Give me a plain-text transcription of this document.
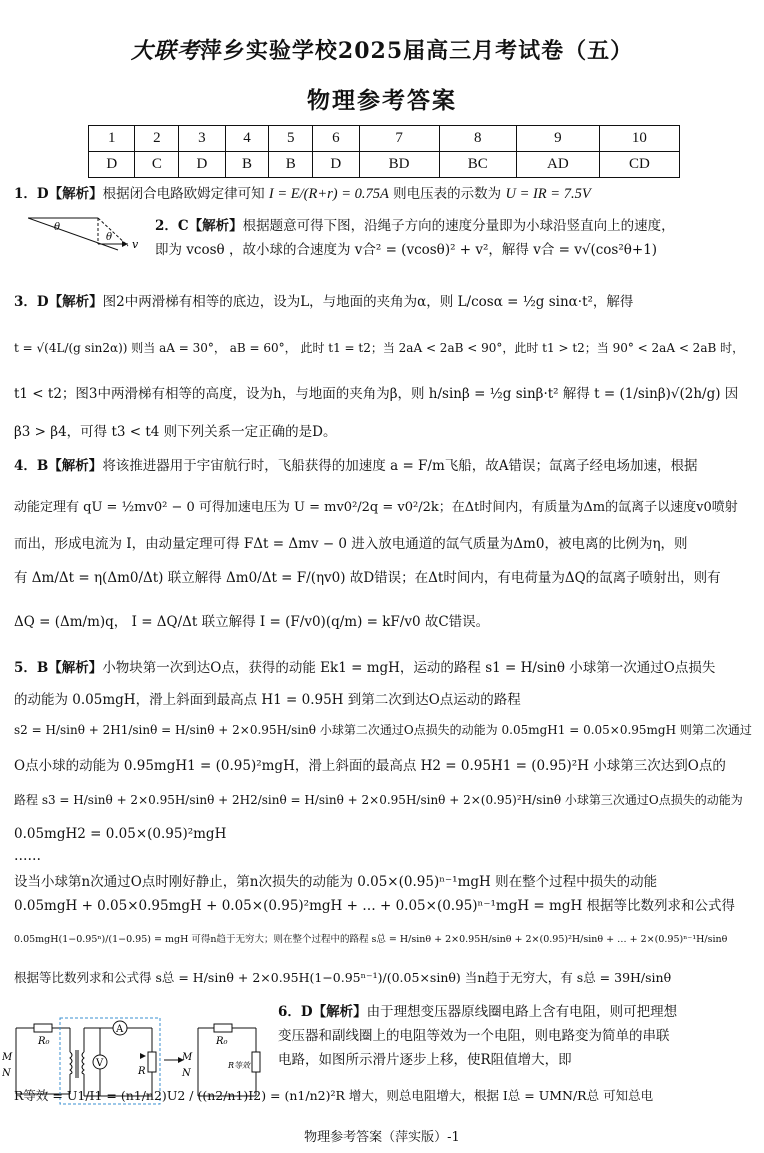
大联考萍乡实验学校2025届高三月考试卷（五）
物理参考答案
1	2	3	4	5	6	7	8	9	10
D	C	D	B	B	D	BD	BC	AD	CD
1．D【解析】根据闭合电路欧姆定律可知 I = E/(R+r) = 0.75A 则电压表的示数为 U = IR = 7.5V
θ
θ
v
2．C【解析】根据题意可得下图，沿绳子方向的速度分量即为小球沿竖直向上的速度，
即为 vcosθ ，故小球的合速度为 v合² = (vcosθ)² + v²，解得 v合 = v√(cos²θ+1)
3．D【解析】图2中两滑梯有相等的底边，设为L，与地面的夹角为α，则 L/cosα = ½g sinα·t²，解得
t = √(4L/(g sin2α)) 则当 aA = 30°， aB = 60°， 此时 t1 = t2；当 2aA < 2aB < 90°，此时 t1 > t2；当 90° < 2aA < 2aB 时，
t1 < t2；图3中两滑梯有相等的高度，设为h，与地面的夹角为β，则 h/sinβ = ½g sinβ·t² 解得 t = (1/sinβ)√(2h/g) 因
β3 > β4，可得 t3 < t4 则下列关系一定正确的是D。
4．B【解析】将该推进器用于宇宙航行时，飞船获得的加速度 a = F/m飞船，故A错误；氙离子经电场加速，根据
动能定理有 qU = ½mv0² − 0 可得加速电压为 U = mv0²/2q = v0²/2k；在Δt时间内，有质量为Δm的氙离子以速度v0喷射
而出，形成电流为 I，由动量定理可得 FΔt = Δmv − 0 进入放电通道的氙气质量为Δm0，被电离的比例为η，则
有 Δm/Δt = η(Δm0/Δt) 联立解得 Δm0/Δt = F/(ηv0) 故D错误；在Δt时间内，有电荷量为ΔQ的氙离子喷射出，则有
ΔQ = (Δm/m)q， I = ΔQ/Δt 联立解得 I = (F/v0)(q/m) = kF/v0 故C错误。
5．B【解析】小物块第一次到达O点，获得的动能 Ek1 = mgH，运动的路程 s1 = H/sinθ 小球第一次通过O点损失
的动能为 0.05mgH，滑上斜面到最高点 H1 = 0.95H 到第二次到达O点运动的路程
s2 = H/sinθ + 2H1/sinθ = H/sinθ + 2×0.95H/sinθ 小球第二次通过O点损失的动能为 0.05mgH1 = 0.05×0.95mgH 则第二次通过
O点小球的动能为 0.95mgH1 = (0.95)²mgH，滑上斜面的最高点 H2 = 0.95H1 = (0.95)²H 小球第三次达到O点的
路程 s3 = H/sinθ + 2×0.95H/sinθ + 2H2/sinθ = H/sinθ + 2×0.95H/sinθ + 2×(0.95)²H/sinθ 小球第三次通过O点损失的动能为
0.05mgH2 = 0.05×(0.95)²mgH
……
设当小球第n次通过O点时刚好静止，第n次损失的动能为 0.05×(0.95)ⁿ⁻¹mgH 则在整个过程中损失的动能
0.05mgH + 0.05×0.95mgH + 0.05×(0.95)²mgH + … + 0.05×(0.95)ⁿ⁻¹mgH = mgH 根据等比数列求和公式得
0.05mgH(1−0.95ⁿ)/(1−0.95) = mgH 可得n趋于无穷大；则在整个过程中的路程 s总 = H/sinθ + 2×0.95H/sinθ + 2×(0.95)²H/sinθ + … + 2×(0.95)ⁿ⁻¹H/sinθ
根据等比数列求和公式得 s总 = H/sinθ + 2×0.95H(1−0.95ⁿ⁻¹)/(0.05×sinθ) 当n趋于无穷大，有 s总 = 39H/sinθ
A
V
R
M
N
R₀
M
N
R₀
R等效
6．D【解析】由于理想变压器原线圈电路上含有电阻，则可把理想
变压器和副线圈上的电阻等效为一个电阻，则电路变为简单的串联
电路，如图所示滑片逐步上移，使R阻值增大，即
R等效 = U1/I1 = (n1/n2)U2 / ((n2/n1)I2) = (n1/n2)²R 增大，则总电阻增大，根据 I总 = UMN/R总 可知总电
物理参考答案（萍实版）-1
